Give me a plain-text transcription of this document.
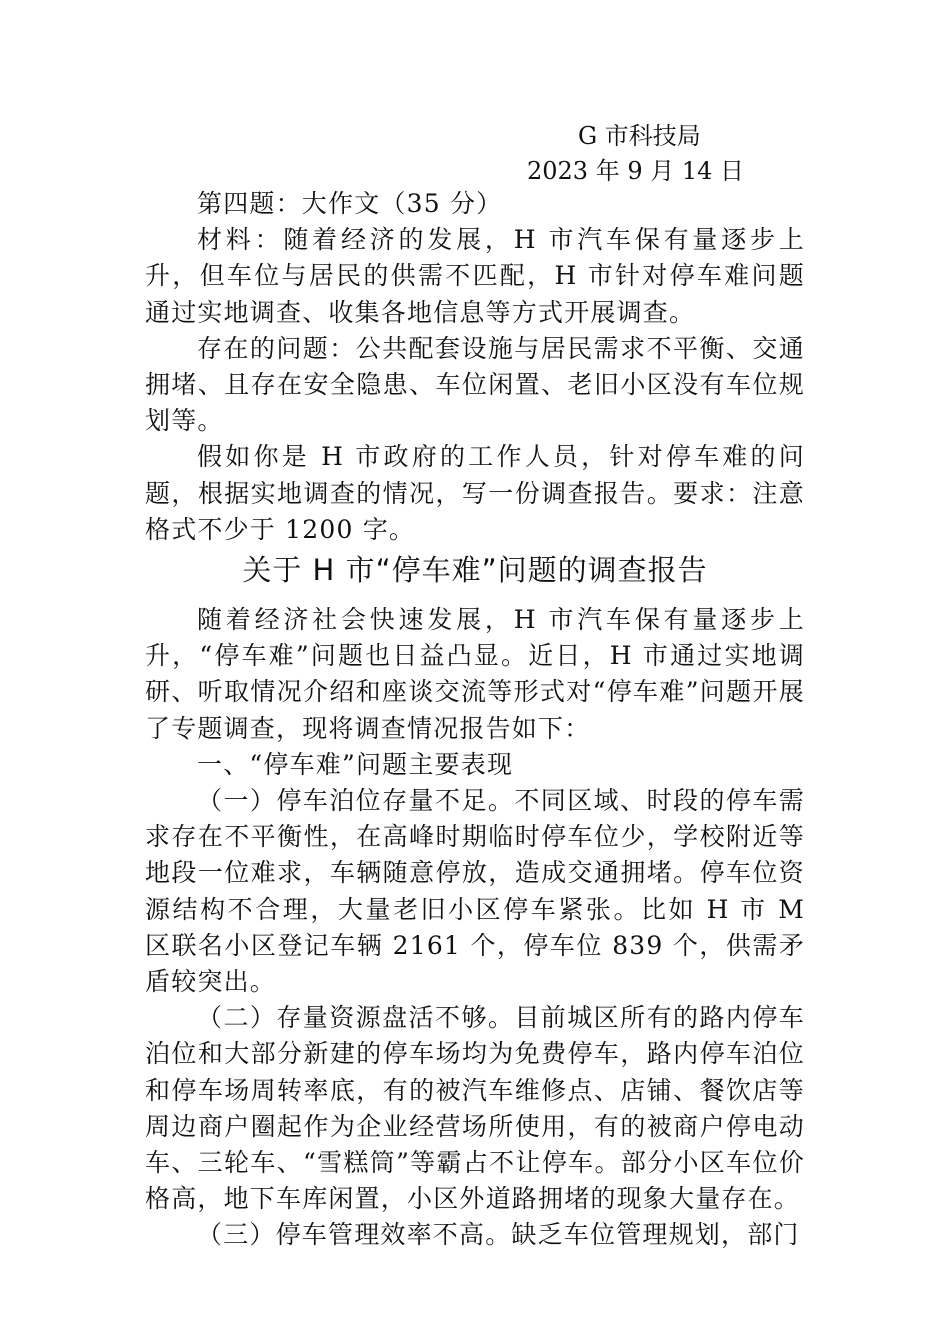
G 市科技局
2023 年 9 月 14 日

第四题：大作文（35 分）

材料：随着经济的发展，H 市汽车保有量逐步上升，但车位与居民的供需不匹配，H 市针对停车难问题通过实地调查、收集各地信息等方式开展调查。

存在的问题：公共配套设施与居民需求不平衡、交通拥堵、且存在安全隐患、车位闲置、老旧小区没有车位规划等。

假如你是 H 市政府的工作人员，针对停车难的问题，根据实地调查的情况，写一份调查报告。要求：注意格式不少于 1200 字。

关于 H 市“停车难”问题的调查报告

随着经济社会快速发展，H 市汽车保有量逐步上升，“停车难”问题也日益凸显。近日，H 市通过实地调研、听取情况介绍和座谈交流等形式对“停车难”问题开展了专题调查，现将调查情况报告如下：

一、“停车难”问题主要表现

（一）停车泊位存量不足。不同区域、时段的停车需求存在不平衡性，在高峰时期临时停车位少，学校附近等地段一位难求，车辆随意停放，造成交通拥堵。停车位资源结构不合理，大量老旧小区停车紧张。比如 H 市 M 区联名小区登记车辆 2161 个，停车位 839 个，供需矛盾较突出。

（二）存量资源盘活不够。目前城区所有的路内停车泊位和大部分新建的停车场均为免费停车，路内停车泊位和停车场周转率底，有的被汽车维修点、店铺、餐饮店等周边商户圈起作为企业经营场所使用，有的被商户停电动车、三轮车、“雪糕筒”等霸占不让停车。部分小区车位价格高，地下车库闲置，小区外道路拥堵的现象大量存在。

（三）停车管理效率不高。缺乏车位管理规划，部门
